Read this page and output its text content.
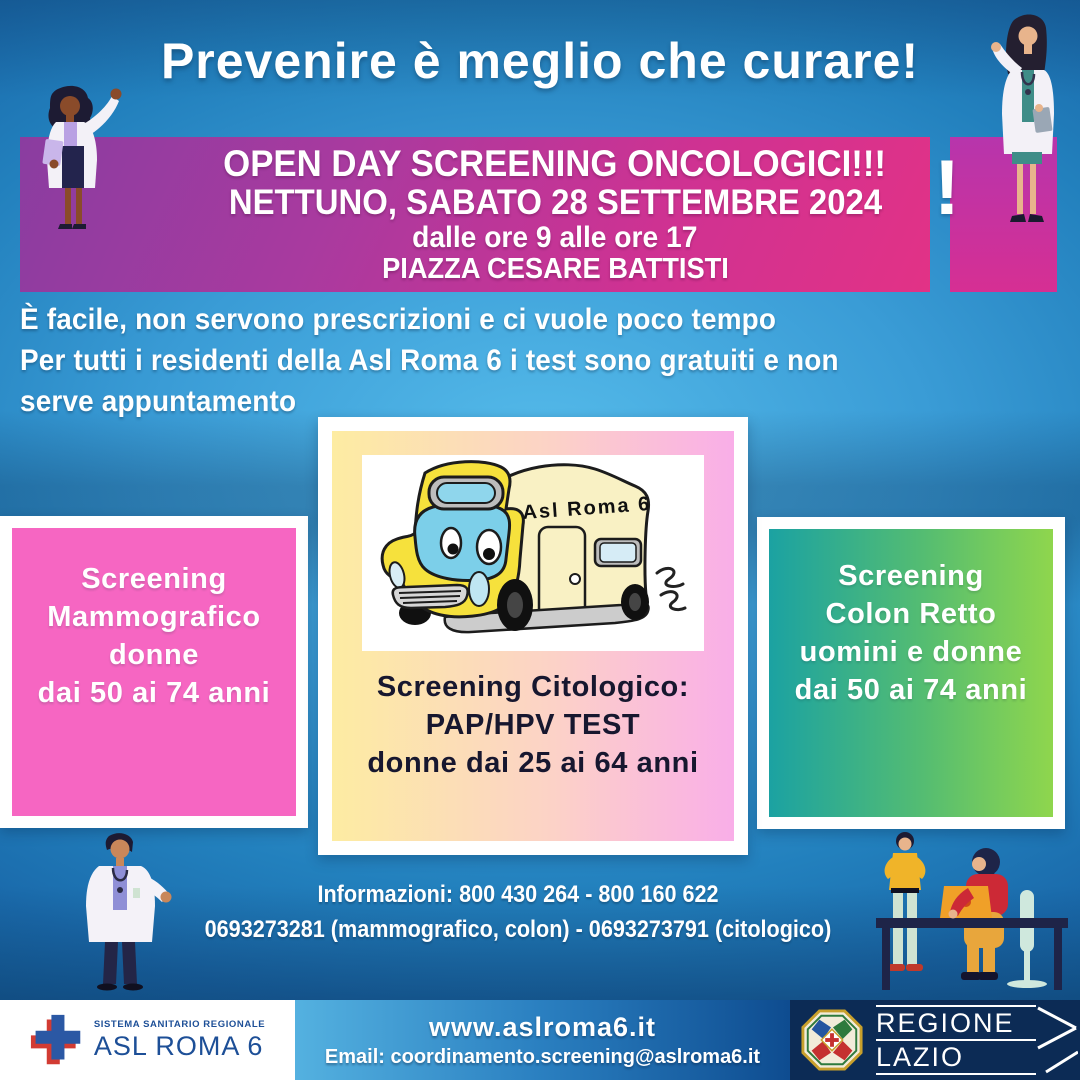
Prevenire è meglio che curare!
OPEN DAY SCREENING ONCOLOGICI!!!
NETTUNO, SABATO 28 SETTEMBRE 2024
dalle ore 9 alle ore 17
PIAZZA CESARE BATTISTI
!
È facile, non servono prescrizioni e ci vuole poco tempo
Per tutti i residenti della Asl Roma 6 i test sono gratuiti e non
serve appuntamento
Screening
Mammografico
donne
dai 50 ai 74 anni
Screening
Colon Retto
uomini e donne
dai 50 ai 74 anni
Asl Roma 6
Screening Citologico:
PAP/HPV TEST
donne dai 25 ai 64 anni
Informazioni: 800 430 264 - 800 160 622
0693273281 (mammografico, colon) - 0693273791 (citologico)
SISTEMA SANITARIO REGIONALE
ASL ROMA 6
www.aslroma6.it
Email: coordinamento.screening@aslroma6.it
REGIONE
LAZIO
